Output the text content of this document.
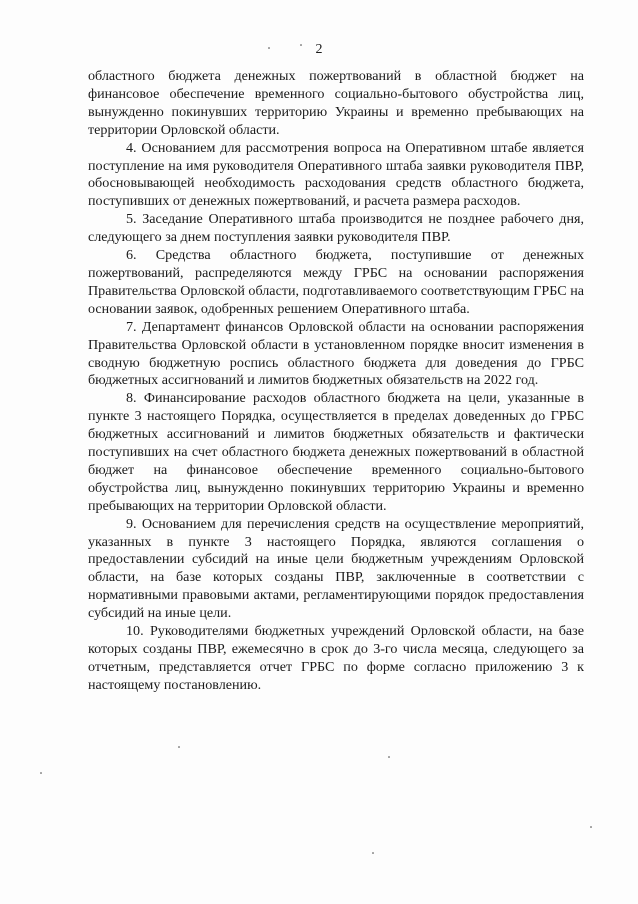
2

областного бюджета денежных пожертвований в областной бюджет на финансовое обеспечение временного социально-бытового обустройства лиц, вынужденно покинувших территорию Украины и временно пребывающих на территории Орловской области.

4. Основанием для рассмотрения вопроса на Оперативном штабе является поступление на имя руководителя Оперативного штаба заявки руководителя ПВР, обосновывающей необходимость расходования средств областного бюджета, поступивших от денежных пожертвований, и расчета размера расходов.

5. Заседание Оперативного штаба производится не позднее рабочего дня, следующего за днем поступления заявки руководителя ПВР.

6. Средства областного бюджета, поступившие от денежных пожертвований, распределяются между ГРБС на основании распоряжения Правительства Орловской области, подготавливаемого соответствующим ГРБС на основании заявок, одобренных решением Оперативного штаба.

7. Департамент финансов Орловской области на основании распоряжения Правительства Орловской области в установленном порядке вносит изменения в сводную бюджетную роспись областного бюджета для доведения до ГРБС бюджетных ассигнований и лимитов бюджетных обязательств на 2022 год.

8. Финансирование расходов областного бюджета на цели, указанные в пункте 3 настоящего Порядка, осуществляется в пределах доведенных до ГРБС бюджетных ассигнований и лимитов бюджетных обязательств и фактически поступивших на счет областного бюджета денежных пожертвований в областной бюджет на финансовое обеспечение временного социально-бытового обустройства лиц, вынужденно покинувших территорию Украины и временно пребывающих на территории Орловской области.

9. Основанием для перечисления средств на осуществление мероприятий, указанных в пункте 3 настоящего Порядка, являются соглашения о предоставлении субсидий на иные цели бюджетным учреждениям Орловской области, на базе которых созданы ПВР, заключенные в соответствии с нормативными правовыми актами, регламентирующими порядок предоставления субсидий на иные цели.

10. Руководителями бюджетных учреждений Орловской области, на базе которых созданы ПВР, ежемесячно в срок до 3-го числа месяца, следующего за отчетным, представляется отчет ГРБС по форме согласно приложению 3 к настоящему постановлению.
